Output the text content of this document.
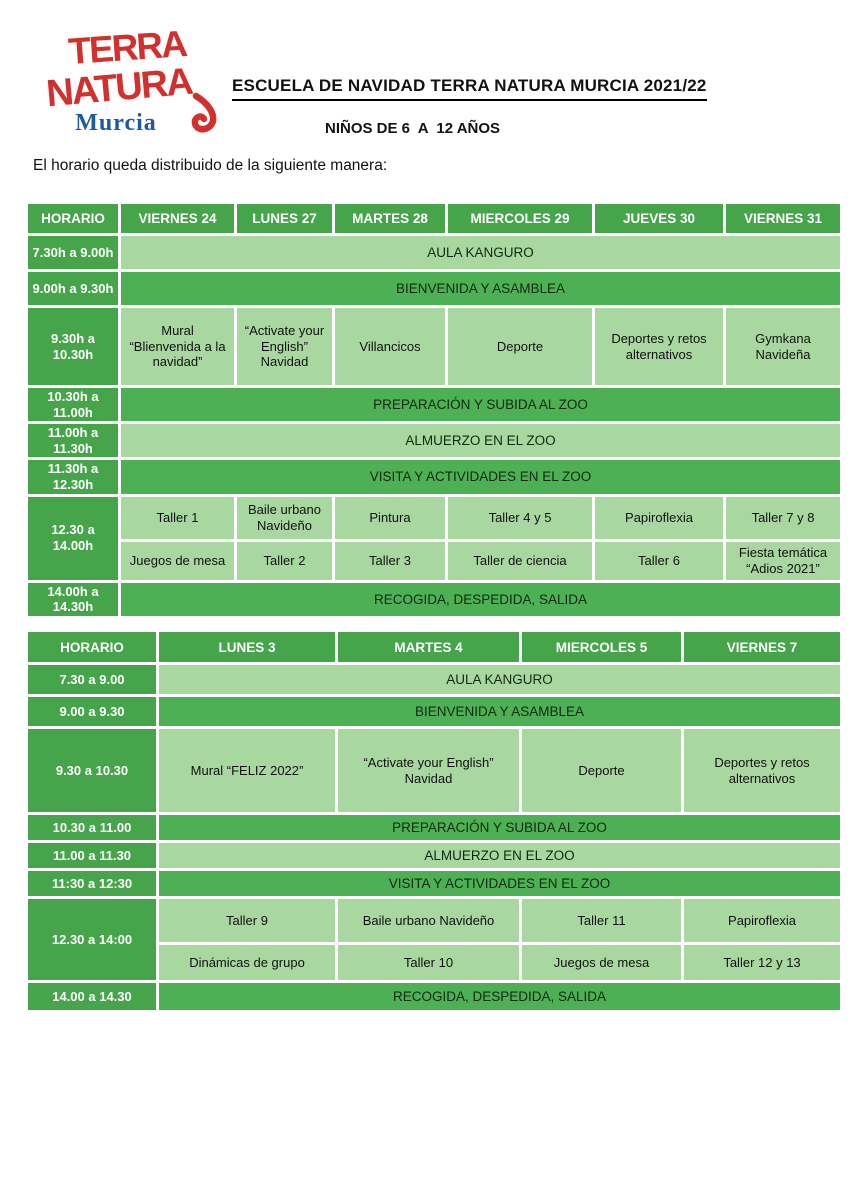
TERRA
NATURA
Murcia
ESCUELA DE NAVIDAD TERRA NATURA MURCIA 2021/22
NIÑOS DE 6  A  12 AÑOS
El horario queda distribuido de la siguiente manera:
HORARIO	VIERNES 24	LUNES 27	MARTES 28	MIERCOLES 29	JUEVES 30	VIERNES 31
7.30h a 9.00h	AULA KANGURO					
9.00h a 9.30h	BIENVENIDA Y ASAMBLEA					
9.30h a 10.30h	Mural “Blienvenida a la navidad”	“Activate your English” Navidad	Villancicos	Deporte	Deportes y retos alternativos	Gymkana Navideña
10.30h a 11.00h	PREPARACIÓN Y SUBIDA AL ZOO					
11.00h a 11.30h	ALMUERZO EN EL ZOO					
11.30h a 12.30h	VISITA Y ACTIVIDADES EN EL ZOO					
12.30 a 14.00h	Taller 1	Baile urbano Navideño	Pintura	Taller 4 y 5	Papiroflexia	Taller 7 y 8
	Juegos de mesa	Taller 2	Taller 3	Taller de ciencia	Taller 6	Fiesta temática “Adios 2021”
14.00h a 14.30h	RECOGIDA, DESPEDIDA, SALIDA					
HORARIO	LUNES 3	MARTES 4	MIERCOLES 5	VIERNES 7
7.30 a 9.00	AULA KANGURO			
9.00 a 9.30	BIENVENIDA Y ASAMBLEA			
9.30 a 10.30	Mural “FELIZ 2022”	“Activate your English” Navidad	Deporte	Deportes y retos alternativos
10.30 a 11.00	PREPARACIÓN Y SUBIDA AL ZOO			
11.00 a 11.30	ALMUERZO EN EL ZOO			
11:30 a 12:30	VISITA Y ACTIVIDADES EN EL ZOO			
12.30 a 14:00	Taller 9	Baile urbano Navideño	Taller 11	Papiroflexia
	Dinámicas de grupo	Taller 10	Juegos de mesa	Taller 12 y 13
14.00 a 14.30	RECOGIDA, DESPEDIDA, SALIDA			
